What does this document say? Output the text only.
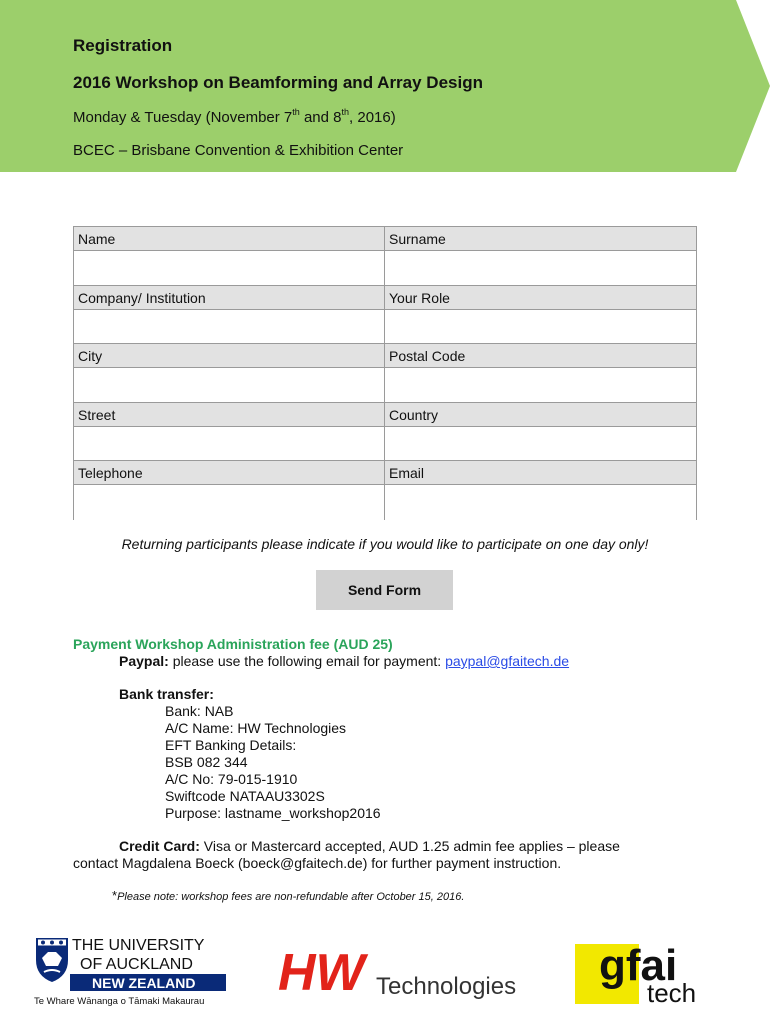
Registration
2016 Workshop on Beamforming and Array Design
Monday & Tuesday (November 7th and 8th, 2016)
BCEC – Brisbane Convention & Exhibition Center
Name	Surname
Company/ Institution	Your Role
City	Postal Code
Street	Country
Telephone	Email
Returning participants please indicate if you would like to participate on one day only!
Send Form
Payment Workshop Administration fee (AUD 25)
Paypal: please use the following email for payment: paypal@gfaitech.de
Bank transfer:
Bank: NAB
A/C Name: HW Technologies
EFT Banking Details:
BSB 082 344
A/C No: 79-015-1910
Swiftcode NATAAU3302S
Purpose: lastname_workshop2016
Credit Card: Visa or Mastercard accepted, AUD 1.25 admin fee applies – please
contact Magdalena Boeck (boeck@gfaitech.de) for further payment instruction.
*Please note: workshop fees are non-refundable after October 15, 2016.
THE UNIVERSITY
OF AUCKLAND
NEW ZEALAND
Te Whare Wānanga o Tāmaki Makaurau HW Technologies gfai
tech
